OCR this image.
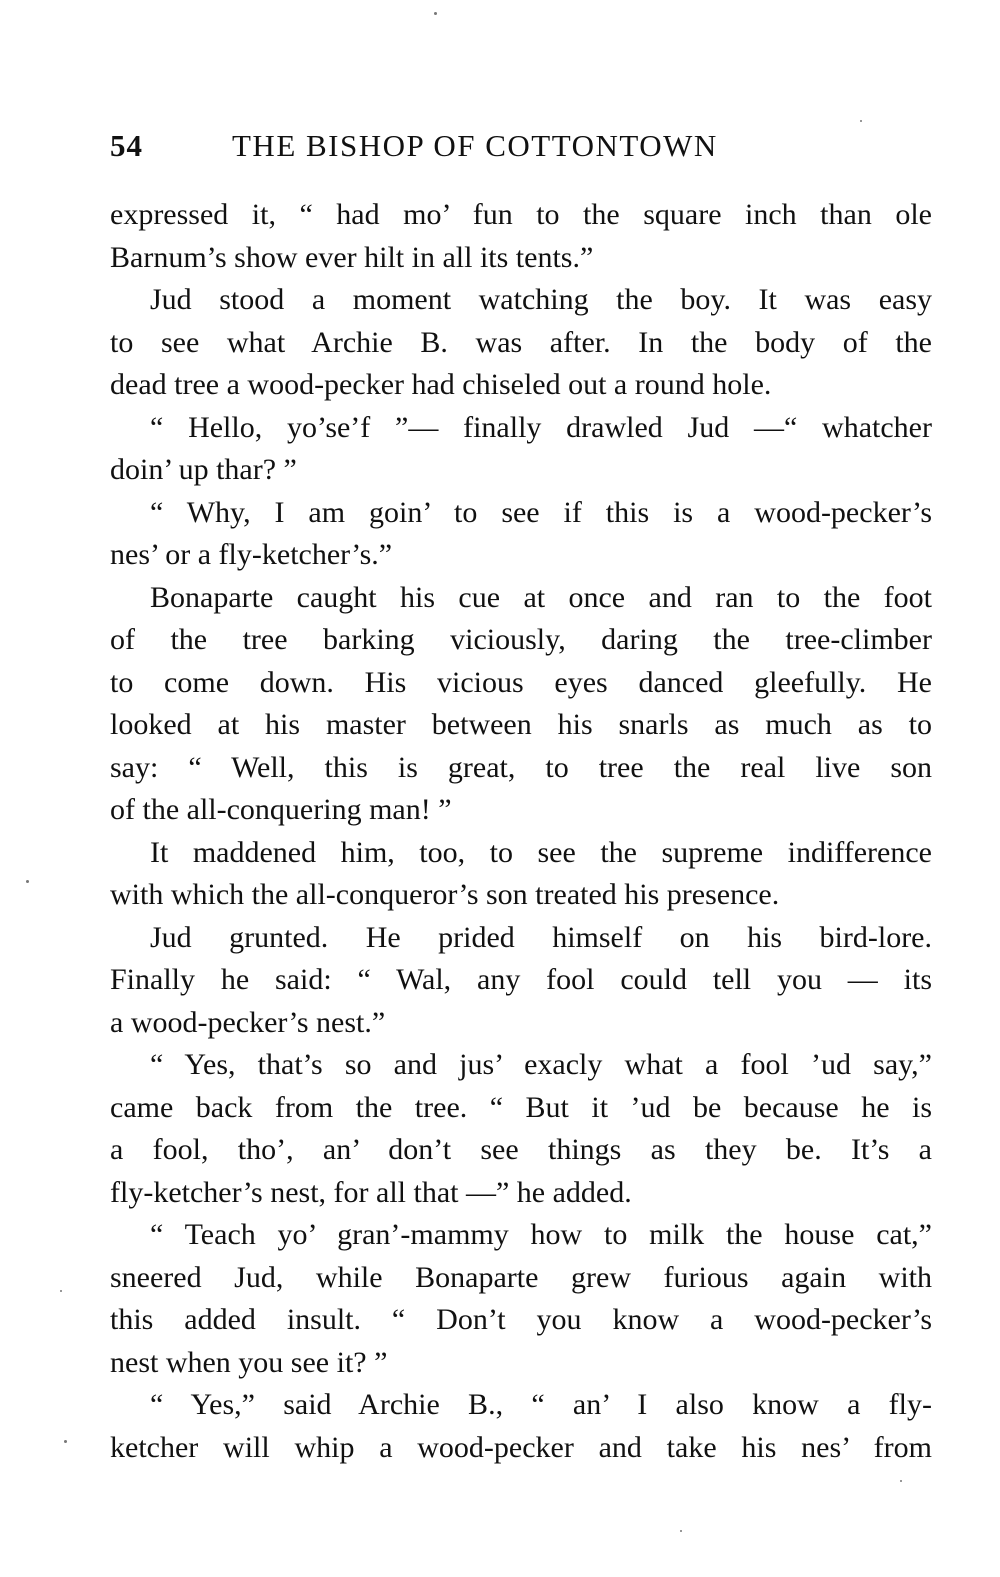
54	THE BISHOP OF COTTONTOWN
expressed it, “ had mo’ fun to the square inch than ole
Barnum’s show ever hilt in all its tents.”
Jud stood a moment watching the boy. It was easy
to see what Archie B. was after. In the body of the
dead tree a wood-pecker had chiseled out a round hole.
“ Hello, yo’se’f ”— finally drawled Jud —“ whatcher
doin’ up thar? ”
“ Why, I am goin’ to see if this is a wood-pecker’s
nes’ or a fly-ketcher’s.”
Bonaparte caught his cue at once and ran to the foot
of the tree barking viciously, daring the tree-climber
to come down. His vicious eyes danced gleefully. He
looked at his master between his snarls as much as to
say: “ Well, this is great, to tree the real live son
of the all-conquering man! ”
It maddened him, too, to see the supreme indifference
with which the all-conqueror’s son treated his presence.
Jud grunted. He prided himself on his bird-lore.
Finally he said: “ Wal, any fool could tell you — its
a wood-pecker’s nest.”
“ Yes, that’s so and jus’ exacly what a fool ’ud say,”
came back from the tree. “ But it ’ud be because he is
a fool, tho’, an’ don’t see things as they be. It’s a
fly-ketcher’s nest, for all that —” he added.
“ Teach yo’ gran’-mammy how to milk the house cat,”
sneered Jud, while Bonaparte grew furious again with
this added insult. “ Don’t you know a wood-pecker’s
nest when you see it? ”
“ Yes,” said Archie B., “ an’ I also know a fly-
ketcher will whip a wood-pecker and take his nes’ from
